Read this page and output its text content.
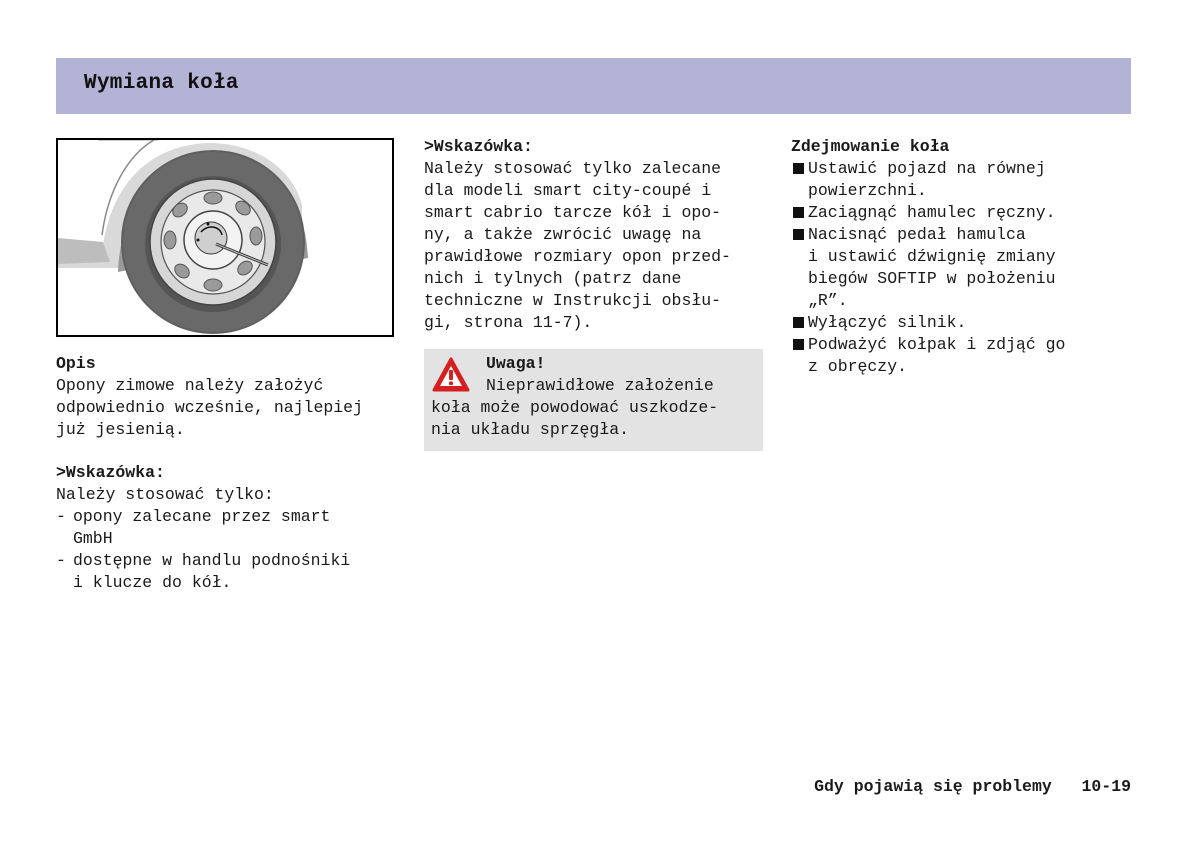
Wymiana koła
Opis
Opony zimowe należy założyć
odpowiednio wcześnie, najlepiej
już jesienią.
>Wskazówka:
Należy stosować tylko:
- opony zalecane przez smart
GmbH
- dostępne w handlu podnośniki
i klucze do kół.
>Wskazówka:
Należy stosować tylko zalecane
dla modeli smart city-coupé i
smart cabrio tarcze kół i opo-
ny, a także zwrócić uwagę na
prawidłowe rozmiary opon przed-
nich i tylnych (patrz dane
techniczne w Instrukcji obsłu-
gi, strona 11-7).
Uwaga!
Nieprawidłowe założenie
koła może powodować uszkodze-
nia układu sprzęgła.
Zdejmowanie koła
Ustawić pojazd na równej
powierzchni.
Zaciągnąć hamulec ręczny.
Nacisnąć pedał hamulca
i ustawić dźwignię zmiany
biegów SOFTIP w położeniu
„R”.
Wyłączyć silnik.
Podważyć kołpak i zdjąć go
z obręczy.
Gdy pojawią się problemy 10-19
